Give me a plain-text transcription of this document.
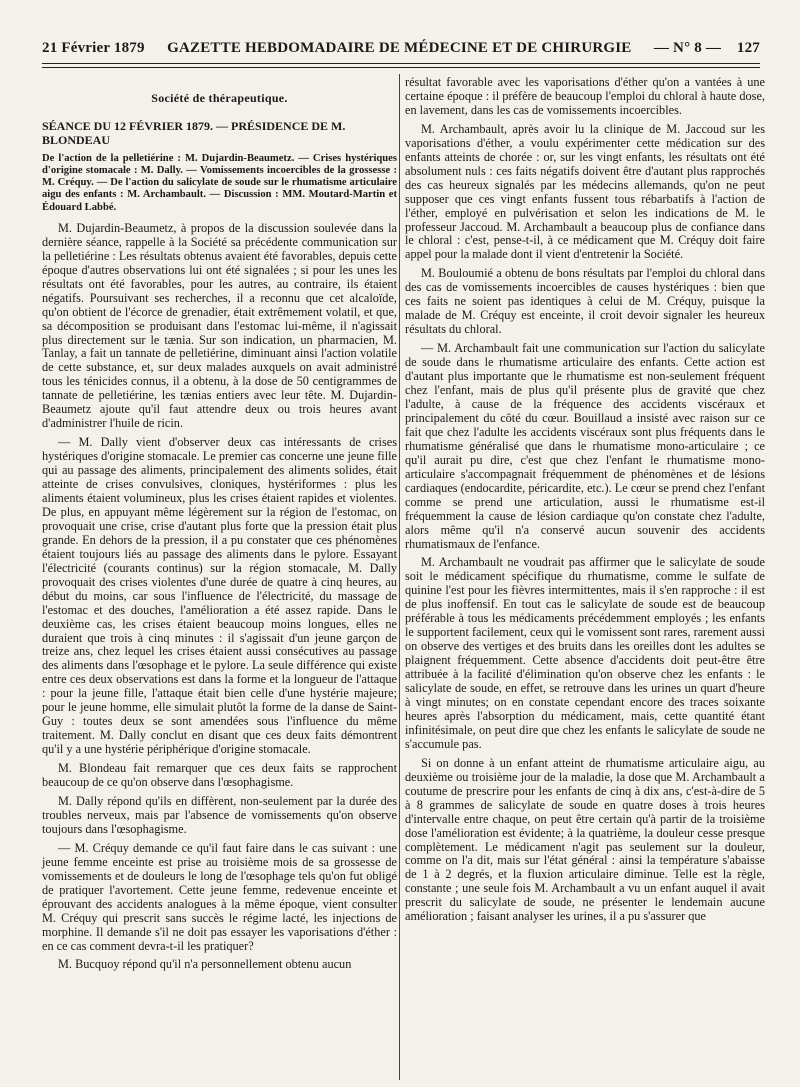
21 Février 1879 GAZETTE HEBDOMADAIRE DE MÉDECINE ET DE CHIRURGIE — N° 8 — 127
Société de thérapeutique.

SÉANCE DU 12 FÉVRIER 1879. — PRÉSIDENCE DE M. BLONDEAU

De l'action de la pelletiérine : M. Dujardin-Beaumetz. — Crises hystériques d'origine stomacale : M. Dally. — Vomissements incoercibles de la grossesse : M. Créquy. — De l'action du salicylate de soude sur le rhumatisme articulaire aigu des enfants : M. Archambault. — Discussion : MM. Moutard-Martin et Édouard Labbé.

M. Dujardin-Beaumetz, à propos de la discussion soulevée dans la dernière séance, rappelle à la Société sa précédente communication sur la pelletiérine : Les résultats obtenus avaient été favorables, depuis cette époque d'autres observations lui ont été signalées ; si pour les unes les résultats ont été favorables, pour les autres, au contraire, ils étaient négatifs. Poursuivant ses recherches, il a reconnu que cet alcaloïde, qu'on obtient de l'écorce de grenadier, était extrêmement volatil, et que, sa décomposition se produisant dans l'estomac lui-même, il n'agissait plus directement sur le tænia. Sur son indication, un pharmacien, M. Tanlay, a fait un tannate de pelletiérine, diminuant ainsi l'action volatile de cette substance, et, sur deux malades auxquels on avait administré tous les ténicides connus, il a obtenu, à la dose de 50 centigrammes de tannate de pelletiérine, les tænias entiers avec leur tête. M. Dujardin-Beaumetz ajoute qu'il faut attendre deux ou trois heures avant d'administrer l'huile de ricin.

— M. Dally vient d'observer deux cas intéressants de crises hystériques d'origine stomacale. Le premier cas concerne une jeune fille qui au passage des aliments, principalement des aliments solides, était atteinte de crises convulsives, cloniques, hystériformes : plus les aliments étaient volumineux, plus les crises étaient rapides et violentes. De plus, en appuyant même légèrement sur la région de l'estomac, on provoquait une crise, crise d'autant plus forte que la pression était plus grande. En dehors de la pression, il a pu constater que ces phénomènes étaient toujours liés au passage des aliments dans le pylore. Essayant l'électricité (courants continus) sur la région stomacale, M. Dally provoquait des crises violentes d'une durée de quatre à cinq heures, au début du moins, car sous l'influence de l'électricité, du massage de l'estomac et des douches, l'amélioration a été assez rapide. Dans le deuxième cas, les crises étaient beaucoup moins longues, elles ne duraient que trois à cinq minutes : il s'agissait d'un jeune garçon de treize ans, chez lequel les crises étaient aussi consécutives au passage des aliments dans l'œsophage et le pylore. La seule différence qui existe entre ces deux observations est dans la forme et la longueur de l'attaque : pour la jeune fille, l'attaque était bien celle d'une hystérie majeure; pour le jeune homme, elle simulait plutôt la forme de la danse de Saint-Guy : toutes deux se sont amendées sous l'influence du même traitement. M. Dally conclut en disant que ces deux faits démontrent qu'il y a une hystérie périphérique d'origine stomacale.

M. Blondeau fait remarquer que ces deux faits se rapprochent beaucoup de ce qu'on observe dans l'œsophagisme.

M. Dally répond qu'ils en diffèrent, non-seulement par la durée des troubles nerveux, mais par l'absence de vomissements qu'on observe toujours dans l'œsophagisme.

— M. Créquy demande ce qu'il faut faire dans le cas suivant : une jeune femme enceinte est prise au troisième mois de sa grossesse de vomissements et de douleurs le long de l'œsophage tels qu'on fut obligé de pratiquer l'avortement. Cette jeune femme, redevenue enceinte et éprouvant des accidents analogues à la même époque, vient consulter M. Créquy qui prescrit sans succès le régime lacté, les injections de morphine. Il demande s'il ne doit pas essayer les vaporisations d'éther : en ce cas comment devra-t-il les pratiquer?

M. Bucquoy répond qu'il n'a personnellement obtenu aucun

résultat favorable avec les vaporisations d'éther qu'on a vantées à une certaine époque : il préfère de beaucoup l'emploi du chloral à haute dose, en lavement, dans les cas de vomissements incoercibles.

M. Archambault, après avoir lu la clinique de M. Jaccoud sur les vaporisations d'éther, a voulu expérimenter cette médication sur des enfants atteints de chorée : or, sur les vingt enfants, les résultats ont été absolument nuls : ces faits négatifs doivent être d'autant plus rapprochés des cas heureux signalés par les médecins allemands, qu'on ne peut supposer que ces vingt enfants fussent tous rébarbatifs à l'action de l'éther, employé en pulvérisation et selon les indications de M. le professeur Jaccoud. M. Archambault a beaucoup plus de confiance dans le chloral : c'est, pense-t-il, à ce médicament que M. Créquy doit faire appel pour la malade dont il vient d'entretenir la Société.

M. Bouloumié a obtenu de bons résultats par l'emploi du chloral dans des cas de vomissements incoercibles de causes hystériques : bien que ces faits ne soient pas identiques à celui de M. Créquy, puisque la malade de M. Créquy est enceinte, il croit devoir signaler les heureux résultats du chloral.

— M. Archambault fait une communication sur l'action du salicylate de soude dans le rhumatisme articulaire des enfants. Cette action est d'autant plus importante que le rhumatisme est non-seulement fréquent chez l'enfant, mais de plus qu'il présente plus de gravité que chez l'adulte, à cause de la fréquence des accidents viscéraux et principalement du côté du cœur. Bouillaud a insisté avec raison sur ce fait que chez l'adulte les accidents viscéraux sont plus fréquents dans le rhumatisme généralisé que dans le rhumatisme mono-articulaire ; ce qu'il aurait pu dire, c'est que chez l'enfant le rhumatisme mono-articulaire s'accompagnait fréquemment de phénomènes et de lésions cardiaques (endocardite, péricardite, etc.). Le cœur se prend chez l'enfant comme se prend une articulation, aussi le rhumatisme est-il fréquemment la cause de lésion cardiaque qu'on constate chez l'adulte, alors même qu'il n'a conservé aucun souvenir des accidents rhumatismaux de l'enfance.

M. Archambault ne voudrait pas affirmer que le salicylate de soude soit le médicament spécifique du rhumatisme, comme le sulfate de quinine l'est pour les fièvres intermittentes, mais il s'en rapproche : il est de plus inoffensif. En tout cas le salicylate de soude est de beaucoup préférable à tous les médicaments précédemment employés ; les enfants le supportent facilement, ceux qui le vomissent sont rares, rarement aussi on observe des vertiges et des bruits dans les oreilles dont les adultes se plaignent fréquemment. Cette absence d'accidents doit peut-être être attribuée à la facilité d'élimination qu'on observe chez les enfants : le salicylate de soude, en effet, se retrouve dans les urines un quart d'heure à vingt minutes; on en constate cependant encore des traces soixante heures après l'absorption du médicament, mais, cette quantité étant infinitésimale, on peut dire que chez les enfants le salicylate de soude ne s'accumule pas.

Si on donne à un enfant atteint de rhumatisme articulaire aigu, au deuxième ou troisième jour de la maladie, la dose que M. Archambault a coutume de prescrire pour les enfants de cinq à dix ans, c'est-à-dire de 5 à 8 grammes de salicylate de soude en quatre doses à trois heures d'intervalle entre chaque, on peut être certain qu'à partir de la troisième dose l'amélioration est évidente; à la quatrième, la douleur cesse presque complètement. Le médicament n'agit pas seulement sur la douleur, comme on l'a dit, mais sur l'état général : ainsi la température s'abaisse de 1 à 2 degrés, et la fluxion articulaire diminue. Telle est la règle, constante ; une seule fois M. Archambault a vu un enfant auquel il avait prescrit du salicylate de soude, ne présenter le lendemain aucune amélioration ; faisant analyser les urines, il a pu s'assurer que
